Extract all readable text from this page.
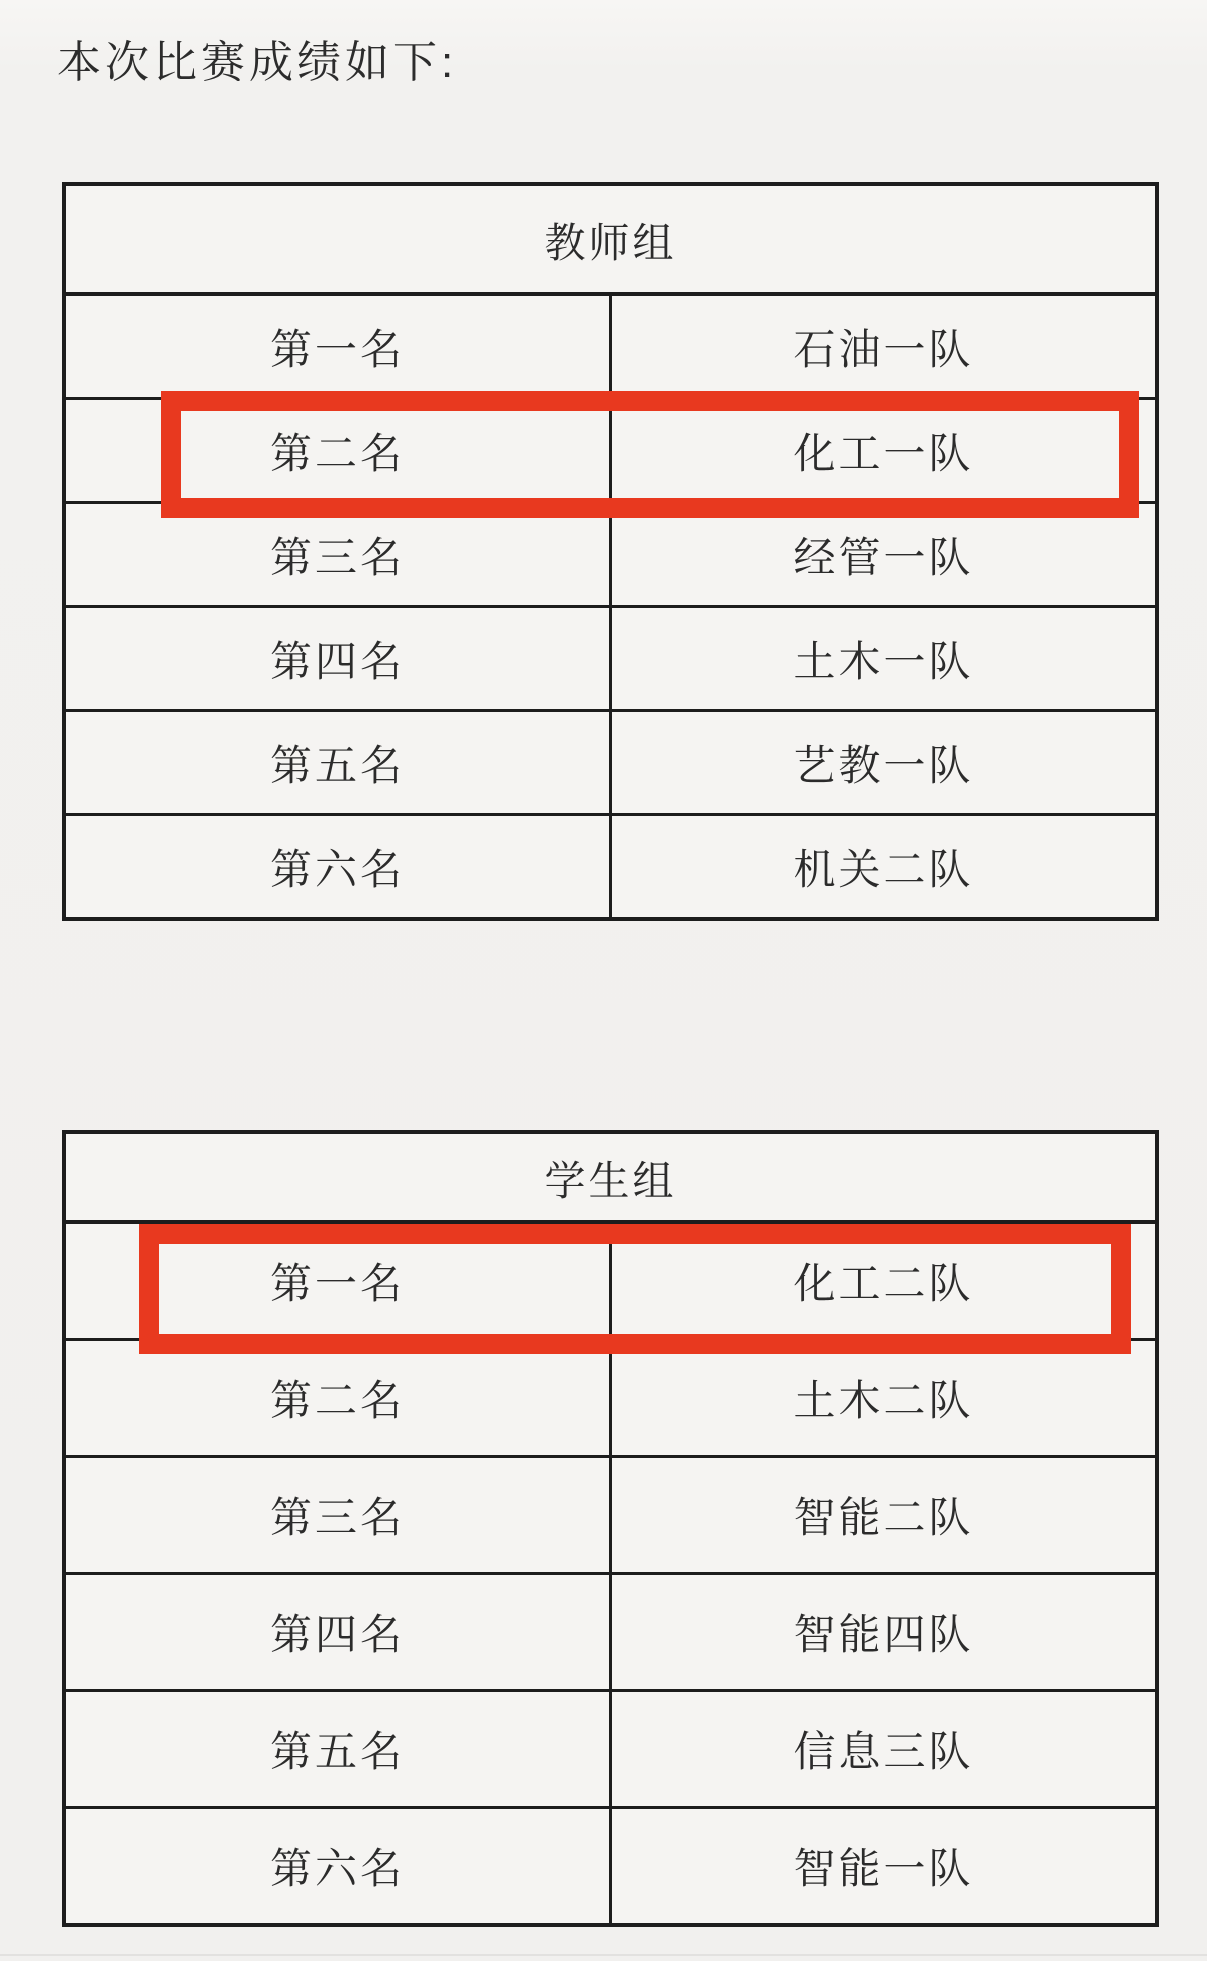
本次比赛成绩如下:
教师组	
第一名	石油一队
第二名	化工一队
第三名	经管一队
第四名	土木一队
第五名	艺教一队
第六名	机关二队
学生组	
第一名	化工二队
第二名	土木二队
第三名	智能二队
第四名	智能四队
第五名	信息三队
第六名	智能一队
